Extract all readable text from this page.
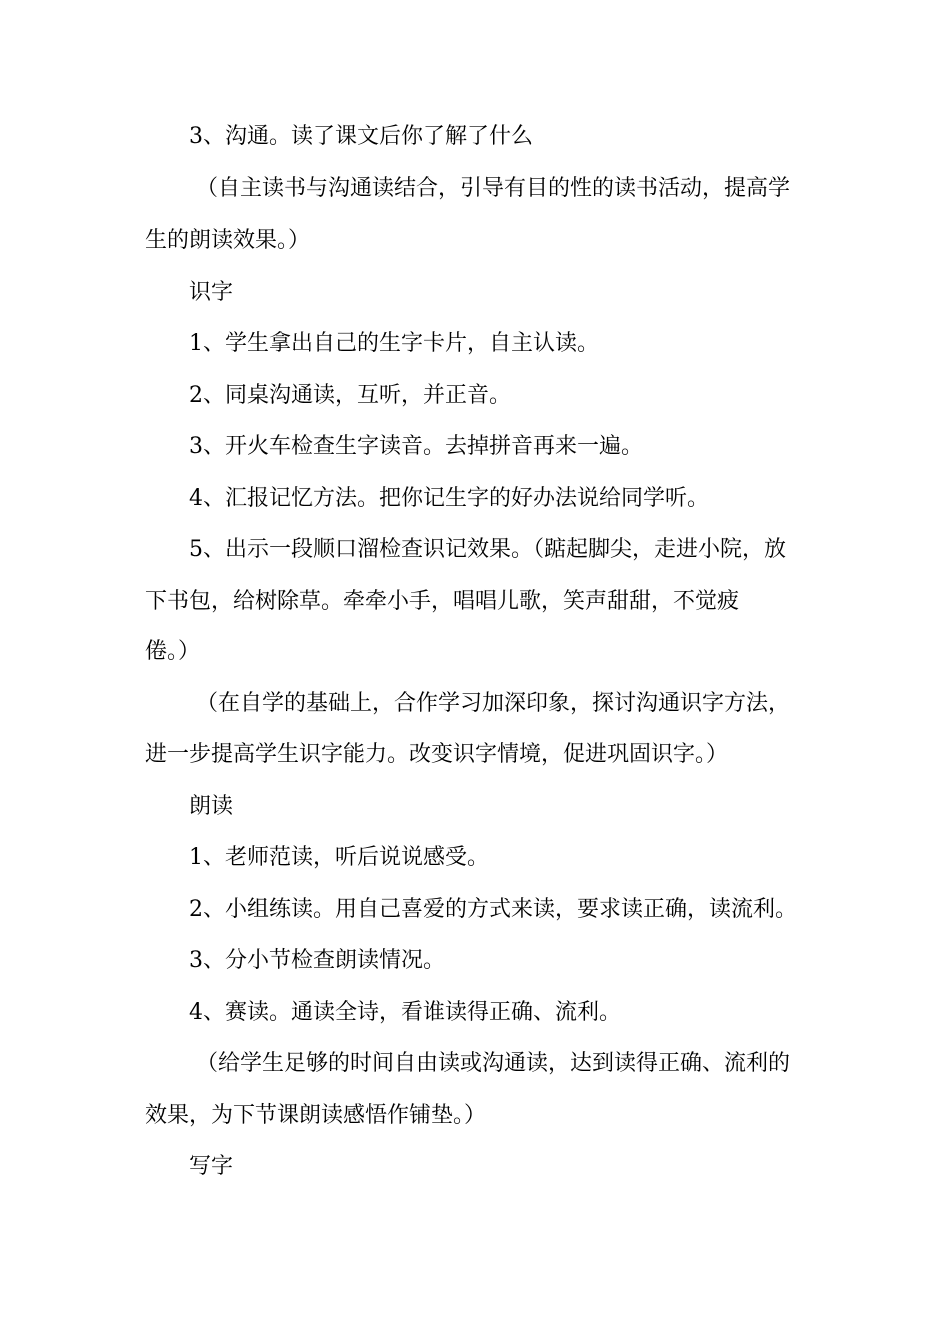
3、沟通。读了课文后你了解了什么
（自主读书与沟通读结合，引导有目的性的读书活动，提高学
生的朗读效果。）
识字
1、学生拿出自己的生字卡片，自主认读。
2、同桌沟通读，互听，并正音。
3、开火车检查生字读音。去掉拼音再来一遍。
4、汇报记忆方法。把你记生字的好办法说给同学听。
5、出示一段顺口溜检查识记效果。（踮起脚尖，走进小院，放
下书包，给树除草。牵牵小手，唱唱儿歌，笑声甜甜，不觉疲
倦。）
（在自学的基础上，合作学习加深印象，探讨沟通识字方法，
进一步提高学生识字能力。改变识字情境，促进巩固识字。）
朗读
1、老师范读，听后说说感受。
2、小组练读。用自己喜爱的方式来读，要求读正确，读流利。
3、分小节检查朗读情况。
4、赛读。通读全诗，看谁读得正确、流利。
（给学生足够的时间自由读或沟通读，达到读得正确、流利的
效果，为下节课朗读感悟作铺垫。）
写字
